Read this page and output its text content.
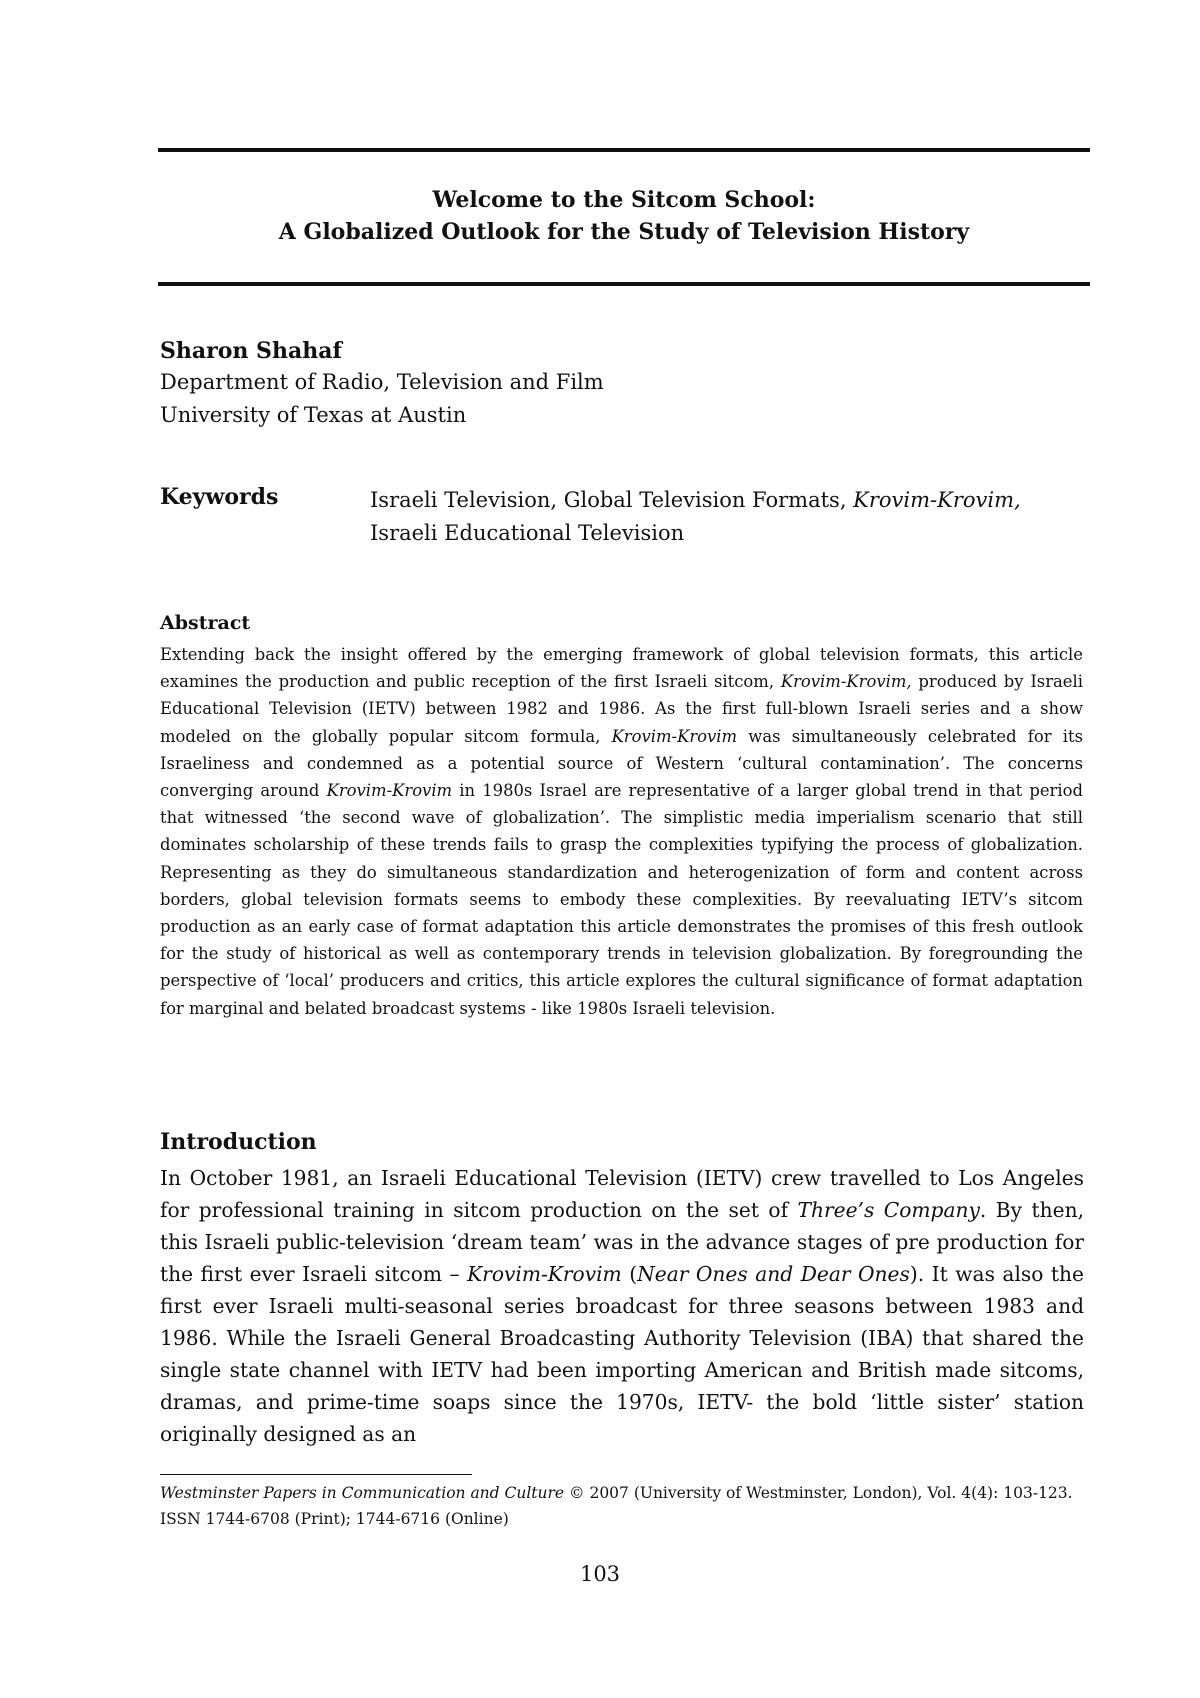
Welcome to the Sitcom School:
A Globalized Outlook for the Study of Television History
Sharon Shahaf
Department of Radio, Television and Film
University of Texas at Austin
Keywords	Israeli Television, Global Television Formats, Krovim-Krovim,
Israeli Educational Television
Abstract
Extending back the insight offered by the emerging framework of global television formats, this article examines the production and public reception of the first Israeli sitcom, Krovim-Krovim, produced by Israeli Educational Television (IETV) between 1982 and 1986. As the first full-blown Israeli series and a show modeled on the globally popular sitcom formula, Krovim-Krovim was simultaneously celebrated for its Israeliness and condemned as a potential source of Western ‘cultural contamination’. The concerns converging around Krovim-Krovim in 1980s Israel are representative of a larger global trend in that period that witnessed ‘the second wave of globalization’. The simplistic media imperialism scenario that still dominates scholarship of these trends fails to grasp the complexities typifying the process of globalization. Representing as they do simultaneous standardization and heterogenization of form and content across borders, global television formats seems to embody these complexities. By reevaluating IETV’s sitcom production as an early case of format adaptation this article demonstrates the promises of this fresh outlook for the study of historical as well as contemporary trends in television globalization. By foregrounding the perspective of ‘local’ producers and critics, this article explores the cultural significance of format adaptation for marginal and belated broadcast systems - like 1980s Israeli television.
Introduction
In October 1981, an Israeli Educational Television (IETV) crew travelled to Los Angeles for professional training in sitcom production on the set of Three’s Company. By then, this Israeli public-television ‘dream team’ was in the advance stages of pre production for the first ever Israeli sitcom – Krovim-Krovim (Near Ones and Dear Ones). It was also the first ever Israeli multi-seasonal series broadcast for three seasons between 1983 and 1986. While the Israeli General Broadcasting Authority Television (IBA) that shared the single state channel with IETV had been importing American and British made sitcoms, dramas, and prime-time soaps since the 1970s, IETV- the bold ‘little sister’ station originally designed as an
Westminster Papers in Communication and Culture © 2007 (University of Westminster, London), Vol. 4(4): 103-123. ISSN 1744-6708 (Print); 1744-6716 (Online)
103
